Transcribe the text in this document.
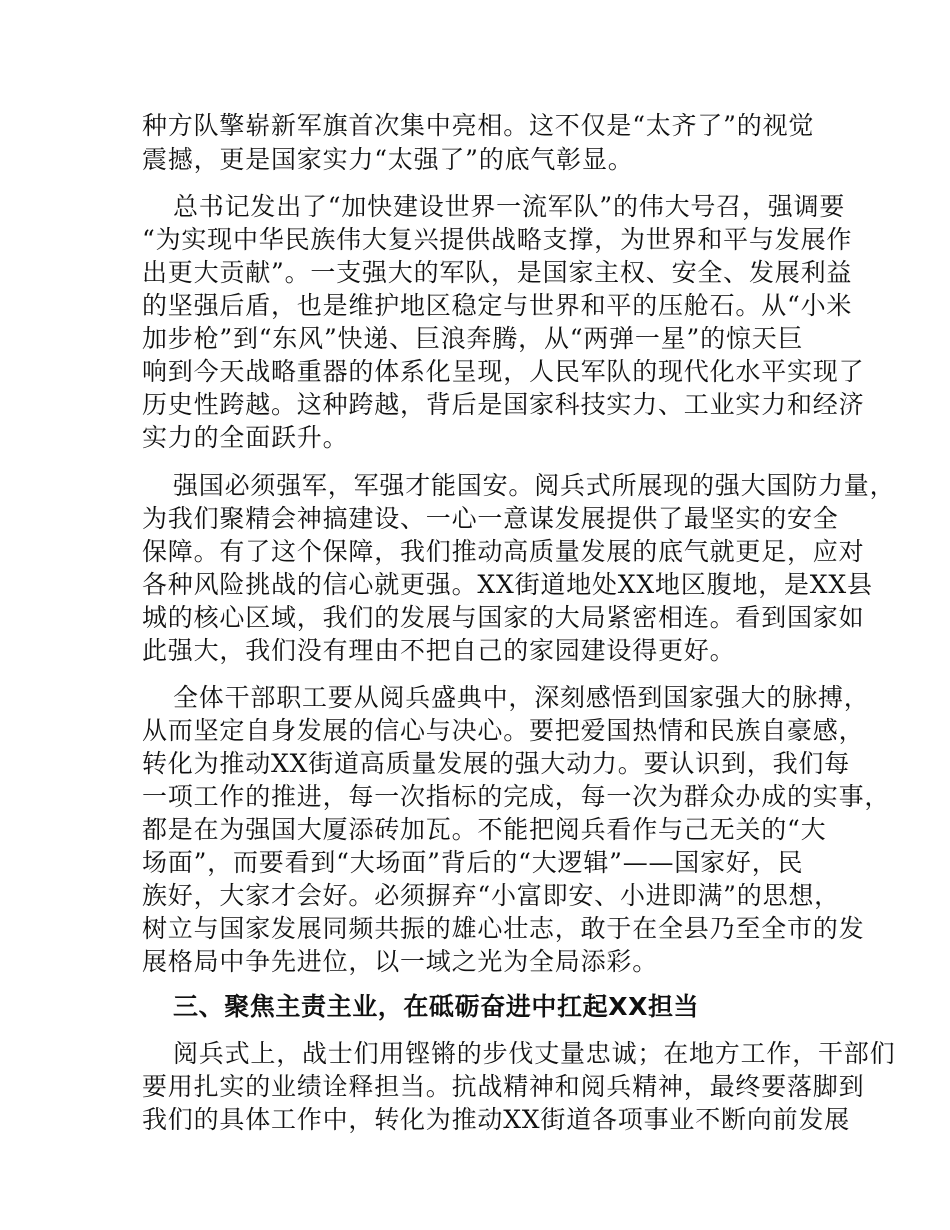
种方队擎崭新军旗首次集中亮相。这不仅是“太齐了”的视觉
震撼，更是国家实力“太强了”的底气彰显。
总书记发出了“加快建设世界一流军队”的伟大号召，强调要
“为实现中华民族伟大复兴提供战略支撑，为世界和平与发展作
出更大贡献”。一支强大的军队，是国家主权、安全、发展利益
的坚强后盾，也是维护地区稳定与世界和平的压舱石。从“小米
加步枪”到“东风”快递、巨浪奔腾，从“两弹一星”的惊天巨
响到今天战略重器的体系化呈现，人民军队的现代化水平实现了
历史性跨越。这种跨越，背后是国家科技实力、工业实力和经济
实力的全面跃升。
强国必须强军，军强才能国安。阅兵式所展现的强大国防力量，
为我们聚精会神搞建设、一心一意谋发展提供了最坚实的安全
保障。有了这个保障，我们推动高质量发展的底气就更足，应对
各种风险挑战的信心就更强。XX街道地处XX地区腹地，是XX县
城的核心区域，我们的发展与国家的大局紧密相连。看到国家如
此强大，我们没有理由不把自己的家园建设得更好。
全体干部职工要从阅兵盛典中，深刻感悟到国家强大的脉搏，
从而坚定自身发展的信心与决心。要把爱国热情和民族自豪感，
转化为推动XX街道高质量发展的强大动力。要认识到，我们每
一项工作的推进，每一次指标的完成，每一次为群众办成的实事，
都是在为强国大厦添砖加瓦。不能把阅兵看作与己无关的“大
场面”，而要看到“大场面”背后的“大逻辑”——国家好，民
族好，大家才会好。必须摒弃“小富即安、小进即满”的思想，
树立与国家发展同频共振的雄心壮志，敢于在全县乃至全市的发
展格局中争先进位，以一域之光为全局添彩。
三、聚焦主责主业，在砥砺奋进中扛起XX担当
阅兵式上，战士们用铿锵的步伐丈量忠诚；在地方工作，干部们
要用扎实的业绩诠释担当。抗战精神和阅兵精神，最终要落脚到
我们的具体工作中，转化为推动XX街道各项事业不断向前发展
